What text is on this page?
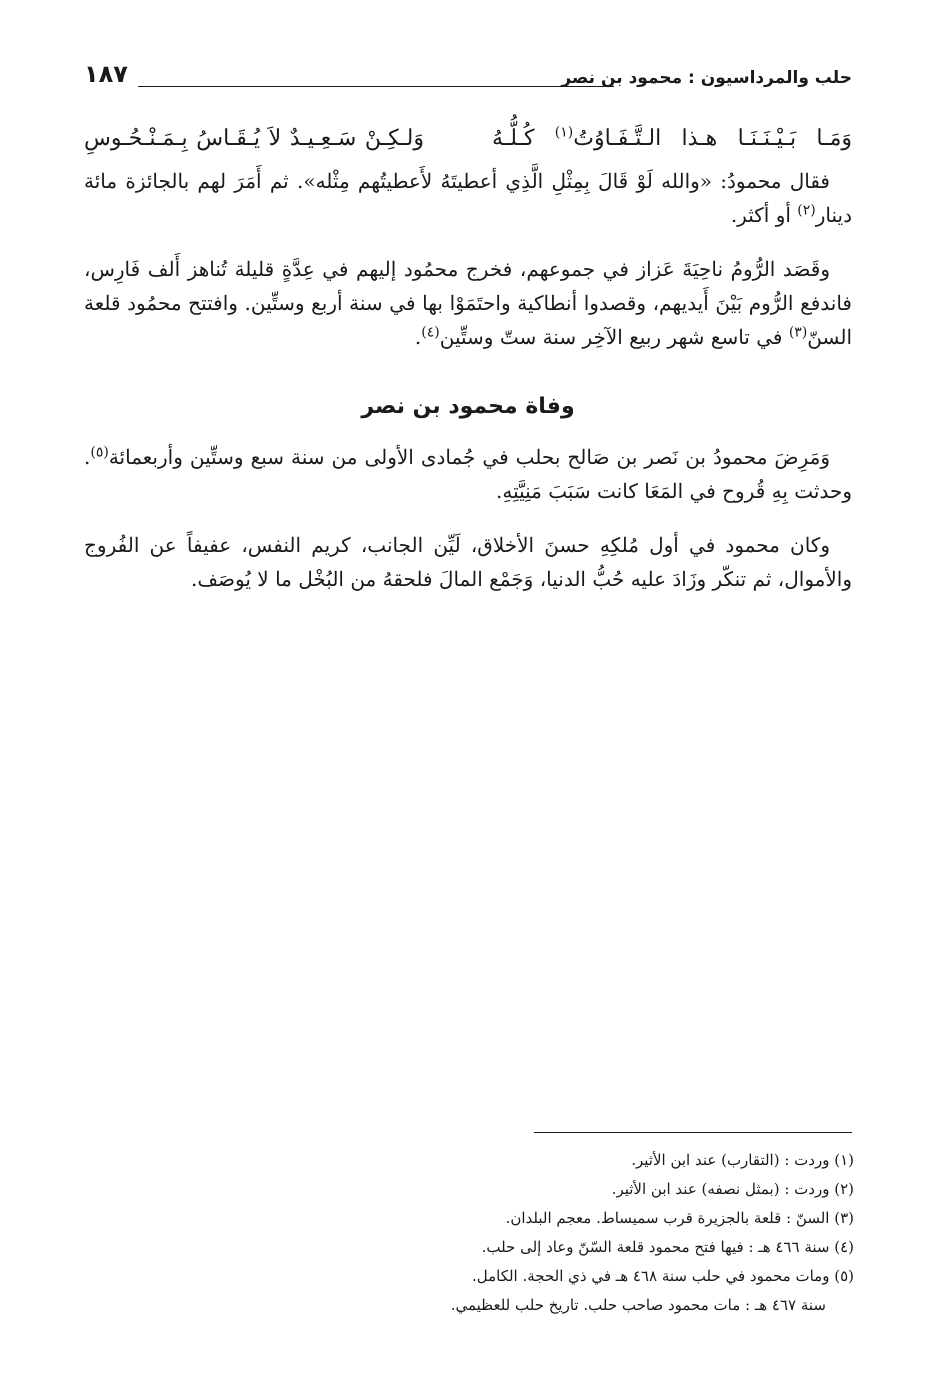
حلب والمرداسيون : محمود بن نصر
١٨٧
وَمَـا بَـيْـنَـنَـا هـذا الـتَّـفَـاوُتُ$^{(١)}$ كُـلُّـهُ
وَلـكِـنْ سَـعِـيـدٌ لاَ يُـقَـاسُ بِـمَـنْـحُـوسِ

فقال محمودُ: «والله لَوْ قَالَ بِمِثْلِ الَّذِي أعطيتَهُ لأَعطيتُهم مِثْله». ثم أَمَرَ لهم بالجائزة مائة دينار$^{(٢)}$ أو أكثر.

وقَصَد الرُّومُ ناحِيَةَ عَزاز في جموعهم، فخرج محمُود إليهم في عِدَّةٍ قليلة تُناهز أَلف فَارِس، فاندفع الرُّوم بَيْنَ أَيديهم، وقصدوا أنطاكية واحتَمَوْا بها في سنة أربع وستِّين. وافتتح محمُود قلعة السنّ$^{(٣)}$ في تاسع شهر ربيع الآخِر سنة ستّ وستِّين$^{(٤)}$.

وفاة محمود بن نصر

وَمَرِضَ محمودُ بن نَصر بن صَالح بحلب في جُمادى الأولى من سنة سبع وستِّين وأربعمائة$^{(٥)}$. وحدثت بِهِ قُروح في المَعَا كانت سَبَبَ مَنِيَّتِهِ.

وكان محمود في أول مُلكِهِ حسنَ الأخلاق، لَيِّن الجانب، كريم النفس، عفيفاً عن الفُروج والأموال، ثم تنكّر وزَادَ عليه حُبُّ الدنيا، وَجَمْع المالَ فلحقهُ من البُخْل ما لا يُوصَف.

(١) وردت : (التقارب) عند ابن الأثير.

(٢) وردت : (بمثل نصفه) عند ابن الأثير.

(٣) السنّ : قلعة بالجزيرة قرب سميساط. معجم البلدان.

(٤) سنة ٤٦٦ هـ : فيها فتح محمود قلعة السّنّ وعاد إلى حلب.

(٥) ومات محمود في حلب سنة ٤٦٨ هـ في ذي الحجة. الكامل.

سنة ٤٦٧ هـ : مات محمود صاحب حلب. تاريخ حلب للعظيمي.
